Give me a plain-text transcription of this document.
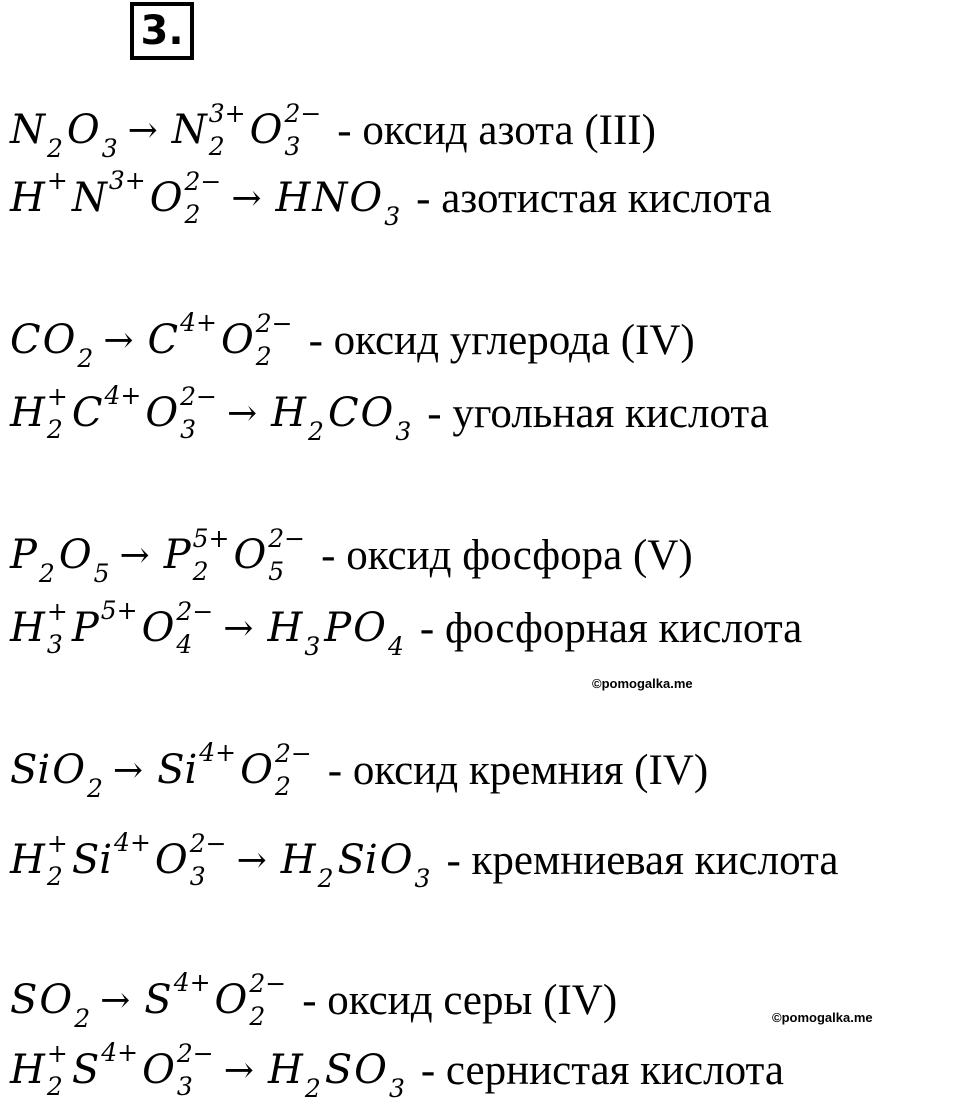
3.
N 2 O 3 → N 3+
2 O 2−
3 - оксид азота (III)
H + N 3+ O 2−
2 → H N O 3 - азотистая кислота
C O 2 → C 4+ O 2−
2 - оксид углерода (IV)
H +
2 C 4+ O 2−
3 → H 2 C O 3 - угольная кислота
P 2 O 5 → P 5+
2 O 2−
5 - оксид фосфора (V)
H +
3 P 5+ O 2−
4 → H 3 P O 4 - фосфорная кислота
Si O 2 → Si 4+ O 2−
2 - оксид кремния (IV)
H +
2 Si 4+ O 2−
3 → H 2 Si O 3 - кремниевая кислота
S O 2 → S 4+ O 2−
2 - оксид серы (IV)
H +
2 S 4+ O 2−
3 → H 2 S O 3 - сернистая кислота
©pomogalka.me
©pomogalka.me
